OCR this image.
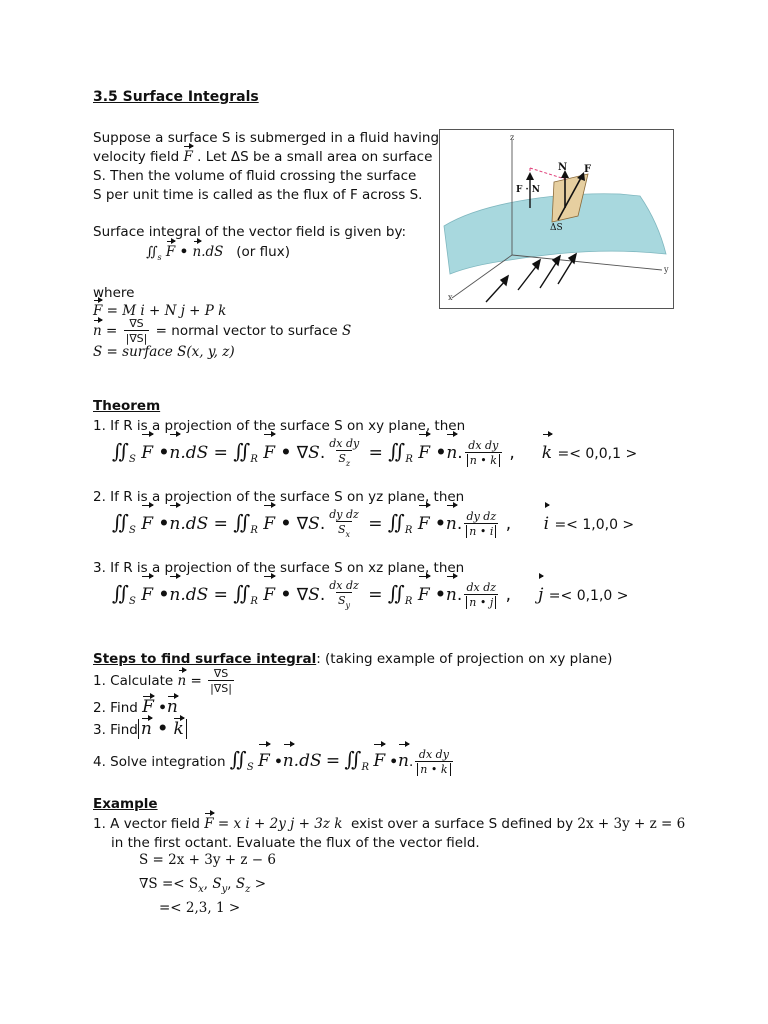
3.5 Surface Integrals
Suppose a surface S is submerged in a fluid having
velocity field F . Let ΔS be a small area on surface
S. Then the volume of fluid crossing the surface
S per unit time is called as the flux of F across S.
Surface integral of the vector field is given by:
$∬_s$ F • n.dS (or flux)
where
F = M i + N j + P k
$n = \frac{\nabla S}{|\nabla S|}$ = normal vector to surface S
S = surface S(x, y, z)
z
y
x
N F
F · N
ΔS
Theorem
1. If R is a projection of the surface S on xy plane, then
$∬_S$ F •n.dS = $∬_R$ F • ∇S. $\frac{\text{dx dy}}{S_z}$ = $∬_R$ F •n. $\frac{\text{dx dy}}{n • k}$ ,     k =< 0,0,1 >
2. If R is a projection of the surface S on yz plane, then
$∬_S$ F •n.dS = $∬_R$ F • ∇S. $\frac{\text{dy dz}}{S_x}$ = $∬_R$ F •n. $\frac{\text{dy dz}}{n • i}$ ,      i =< 1,0,0 >
3. If R is a projection of the surface S on xz plane, then
$∬_S$ F •n.dS = $∬_R$ F • ∇S. $\frac{\text{dx dz}}{S_y}$ = $∬_R$ F •n. $\frac{\text{dx dz}}{n • j}$ ,     j =< 0,1,0 >
Steps to find surface integral: (taking example of projection on xy plane)
1. Calculate $n = \frac{\nabla S}{|\nabla S|}$
2. Find F •n
3. Find n • k
4. Solve integration $∬_S$ F •n.dS = $∬_R$ F •n. $\frac{\text{dx dy}}{n • k}$
Example
1. A vector field F = x i + 2y j + 3z k exist over a surface S defined by 2x + 3y + z = 6
in the first octant. Evaluate the flux of the vector field.
S = 2x + 3y + z − 6
$\nabla S =< S_x$, $S_y$, $S_z$ >
=< 2,3, 1 >
